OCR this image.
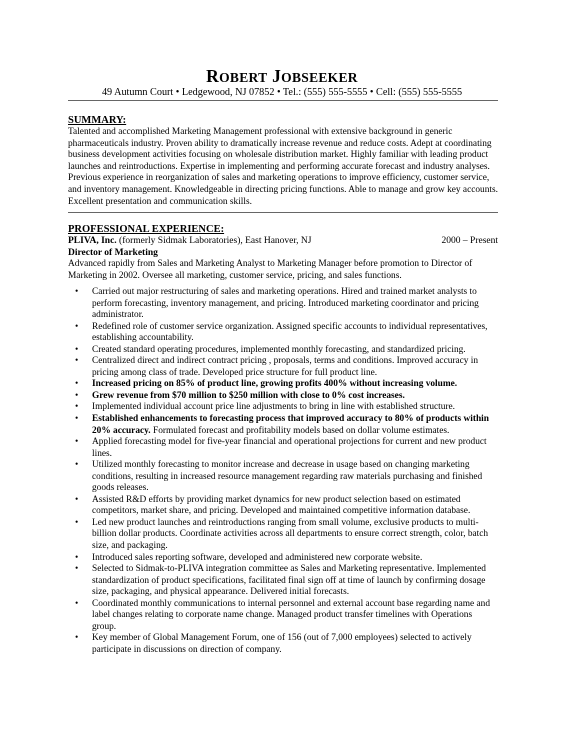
ROBERT JOBSEEKER
49 Autumn Court • Ledgewood, NJ 07852 • Tel.: (555) 555-5555 • Cell: (555) 555-5555
SUMMARY:

Talented and accomplished Marketing Management professional with extensive background in generic pharmaceuticals industry. Proven ability to dramatically increase revenue and reduce costs. Adept at coordinating business development activities focusing on wholesale distribution market. Highly familiar with leading product launches and reintroductions. Expertise in implementing and performing accurate forecast and industry analyses. Previous experience in reorganization of sales and marketing operations to improve efficiency, customer service, and inventory management. Knowledgeable in directing pricing functions. Able to manage and grow key accounts. Excellent presentation and communication skills.

PROFESSIONAL EXPERIENCE:
PLIVA, Inc. (formerly Sidmak Laboratories), East Hanover, NJ	2000 – Present
Director of Marketing

Advanced rapidly from Sales and Marketing Analyst to Marketing Manager before promotion to Director of Marketing in 2002. Oversee all marketing, customer service, pricing, and sales functions.

• Carried out major restructuring of sales and marketing operations. Hired and trained market analysts to perform forecasting, inventory management, and pricing. Introduced marketing coordinator and pricing administrator.
• Redefined role of customer service organization. Assigned specific accounts to individual representatives, establishing accountability.
• Created standard operating procedures, implemented monthly forecasting, and standardized pricing.
• Centralized direct and indirect contract pricing , proposals, terms and conditions. Improved accuracy in pricing among class of trade. Developed price structure for full product line.
• Increased pricing on 85% of product line, growing profits 400% without increasing volume.
• Grew revenue from $70 million to $250 million with close to 0% cost increases.
• Implemented individual account price line adjustments to bring in line with established structure.
• Established enhancements to forecasting process that improved accuracy to 80% of products within 20% accuracy. Formulated forecast and profitability models based on dollar volume estimates.
• Applied forecasting model for five-year financial and operational projections for current and new product lines.
• Utilized monthly forecasting to monitor increase and decrease in usage based on changing marketing conditions, resulting in increased resource management regarding raw materials purchasing and finished goods releases.
• Assisted R&D efforts by providing market dynamics for new product selection based on estimated competitors, market share, and pricing. Developed and maintained competitive information database.
• Led new product launches and reintroductions ranging from small volume, exclusive products to multi-billion dollar products. Coordinate activities across all departments to ensure correct strength, color, batch size, and packaging.
• Introduced sales reporting software, developed and administered new corporate website.
• Selected to Sidmak-to-PLIVA integration committee as Sales and Marketing representative. Implemented standardization of product specifications, facilitated final sign off at time of launch by confirming dosage size, packaging, and physical appearance. Delivered initial forecasts.
• Coordinated monthly communications to internal personnel and external account base regarding name and label changes relating to corporate name change. Managed product transfer timelines with Operations group.
• Key member of Global Management Forum, one of 156 (out of 7,000 employees) selected to actively participate in discussions on direction of company.
